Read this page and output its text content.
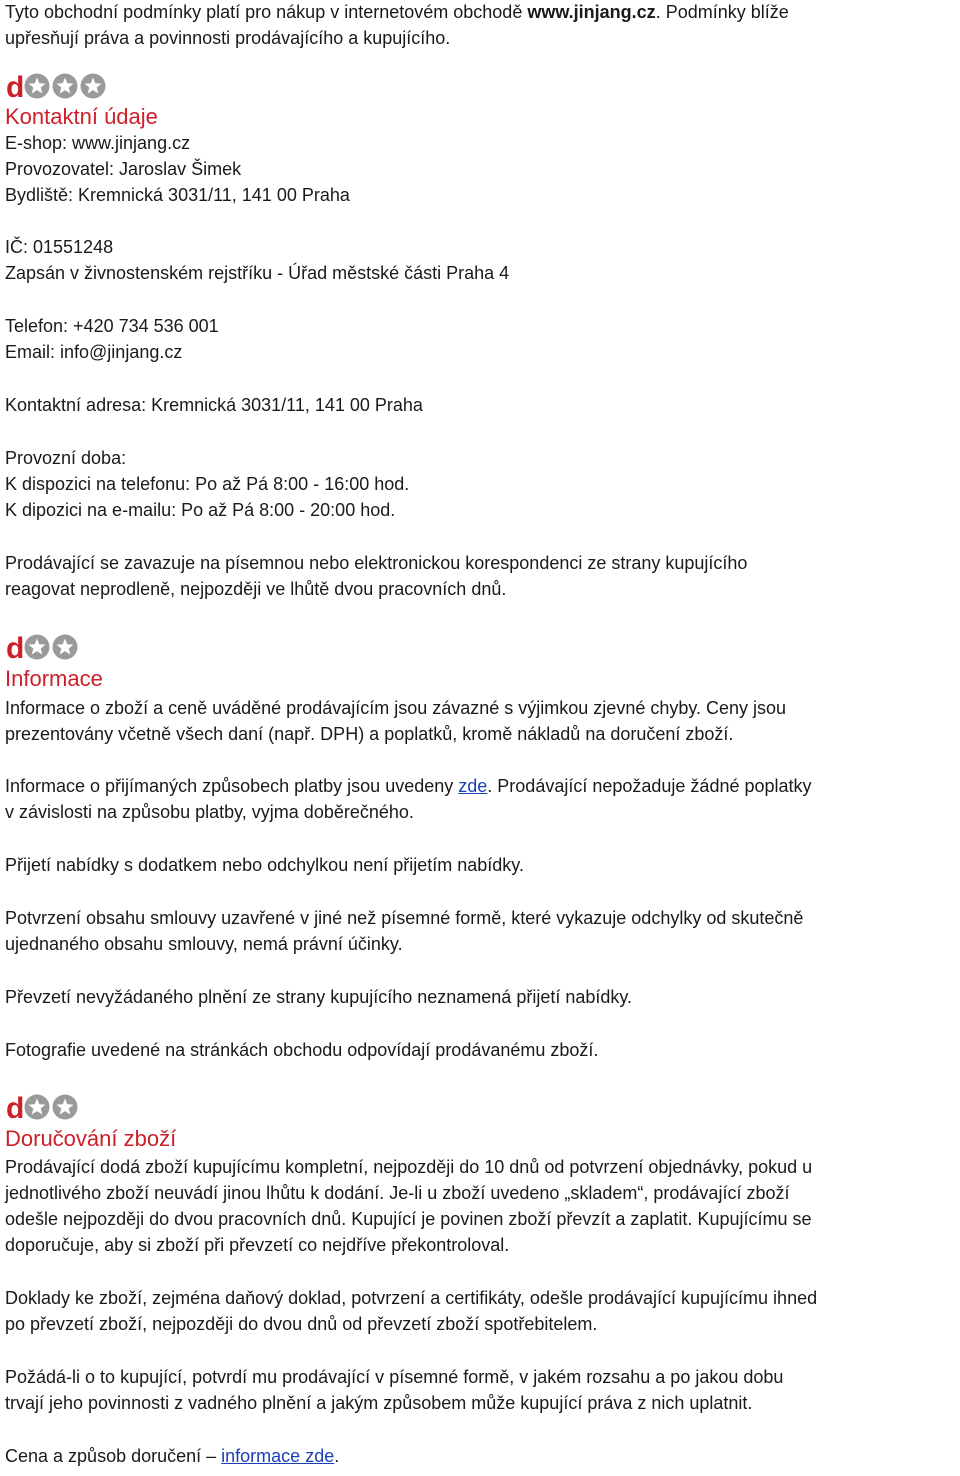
Tyto obchodní podmínky platí pro nákup v internetovém obchodě www.jinjang.cz. Podmínky blíže
upřesňují práva a povinnosti prodávajícího a kupujícího.
d
Kontaktní údaje
E-shop: www.jinjang.cz
Provozovatel: Jaroslav Šimek
Bydliště: Kremnická 3031/11, 141 00 Praha
IČ: 01551248
Zapsán v živnostenském rejstříku - Úřad městské části Praha 4
Telefon: +420 734 536 001
Email: info@jinjang.cz
Kontaktní adresa: Kremnická 3031/11, 141 00 Praha
Provozní doba:
K dispozici na telefonu: Po až Pá 8:00 - 16:00 hod.
K dipozici na e-mailu: Po až Pá 8:00 - 20:00 hod.
Prodávající se zavazuje na písemnou nebo elektronickou korespondenci ze strany kupujícího
reagovat neprodleně, nejpozději ve lhůtě dvou pracovních dnů.
d
Informace
Informace o zboží a ceně uváděné prodávajícím jsou závazné s výjimkou zjevné chyby. Ceny jsou
prezentovány včetně všech daní (např. DPH) a poplatků, kromě nákladů na doručení zboží.
Informace o přijímaných způsobech platby jsou uvedeny zde. Prodávající nepožaduje žádné poplatky
v závislosti na způsobu platby, vyjma doběrečného.
Přijetí nabídky s dodatkem nebo odchylkou není přijetím nabídky.
Potvrzení obsahu smlouvy uzavřené v jiné než písemné formě, které vykazuje odchylky od skutečně
ujednaného obsahu smlouvy, nemá právní účinky.
Převzetí nevyžádaného plnění ze strany kupujícího neznamená přijetí nabídky.
Fotografie uvedené na stránkách obchodu odpovídají prodávanému zboží.
d
Doručování zboží
Prodávající dodá zboží kupujícímu kompletní, nejpozději do 10 dnů od potvrzení objednávky, pokud u
jednotlivého zboží neuvádí jinou lhůtu k dodání. Je-li u zboží uvedeno „skladem“, prodávající zboží
odešle nejpozději do dvou pracovních dnů. Kupující je povinen zboží převzít a zaplatit. Kupujícímu se
doporučuje, aby si zboží při převzetí co nejdříve překontroloval.
Doklady ke zboží, zejména daňový doklad, potvrzení a certifikáty, odešle prodávající kupujícímu ihned
po převzetí zboží, nejpozději do dvou dnů od převzetí zboží spotřebitelem.
Požádá-li o to kupující, potvrdí mu prodávající v písemné formě, v jakém rozsahu a po jakou dobu
trvají jeho povinnosti z vadného plnění a jakým způsobem může kupující práva z nich uplatnit.
Cena a způsob doručení – informace zde.
